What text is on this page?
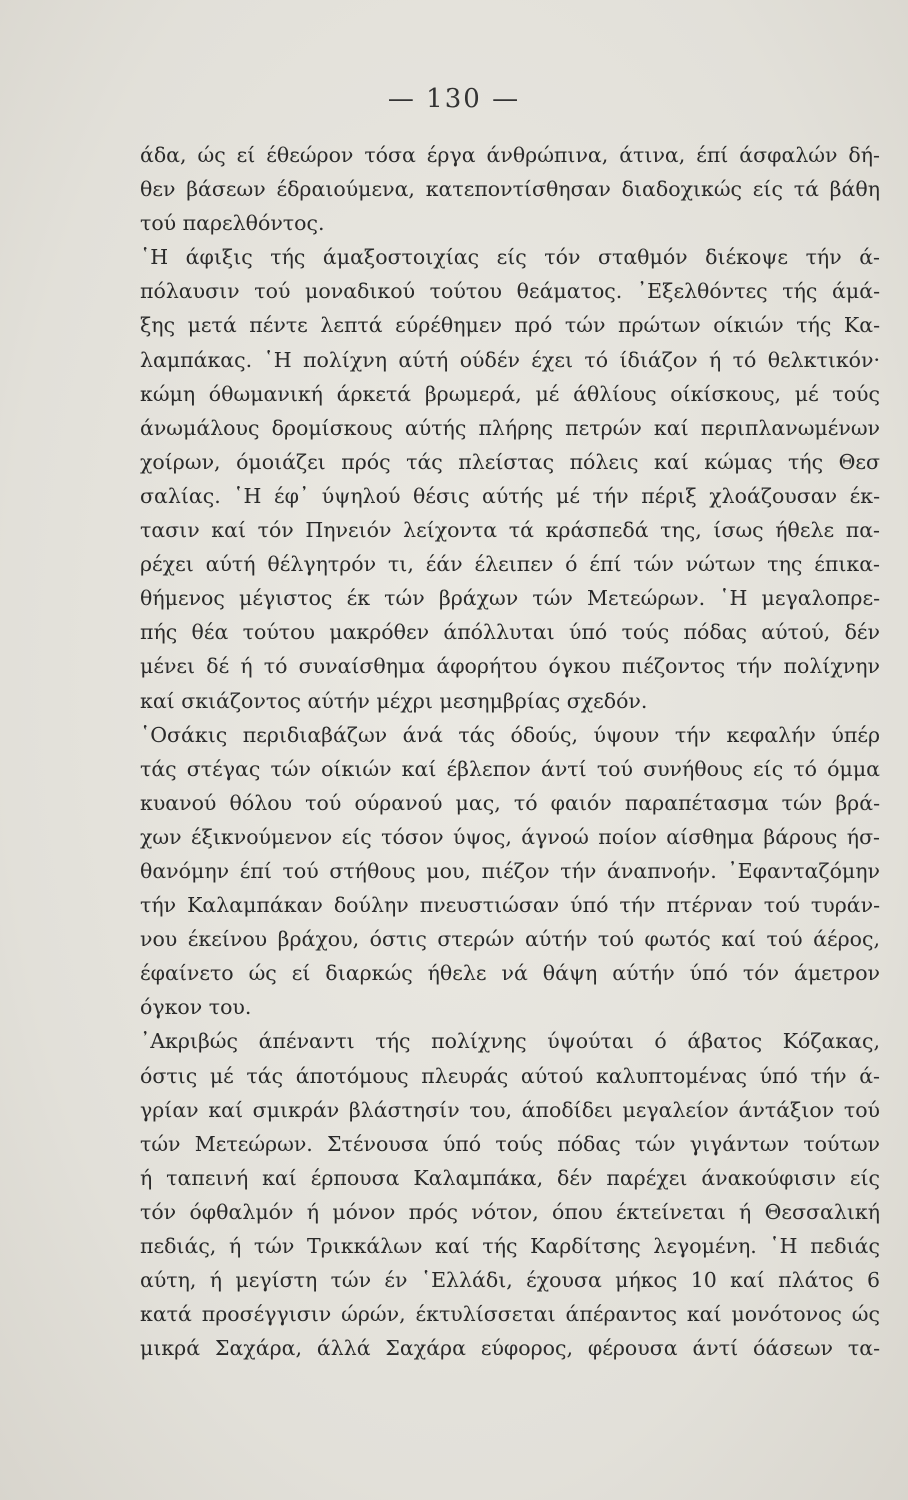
— 130 —
άδα, ώς εί έθεώρον τόσα έργα άνθρώπινα, άτινα, έπί άσφαλών δή-
θεν βάσεων έδραιούμενα, κατεποντίσθησαν διαδοχικώς είς τά βάθη
τού παρελθόντος.
῾Η άφιξις τής άμαξοστοιχίας είς τόν σταθμόν διέκοψε τήν ά-
πόλαυσιν τού μοναδικού τούτου θεάματος. ᾿Εξελθόντες τής άμά-
ξης μετά πέντε λεπτά εύρέθημεν πρό τών πρώτων οίκιών τής Κα-
λαμπάκας. ῾Η πολίχνη αύτή ούδέν έχει τό ίδιάζον ή τό θελκτικόν·
κώμη όθωμανική άρκετά βρωμερά, μέ άθλίους οίκίσκους, μέ τούς
άνωμάλους δρομίσκους αύτής πλήρης πετρών καί περιπλανωμένων
χοίρων, όμοιάζει πρός τάς πλείστας πόλεις καί κώμας τής Θεσ
σαλίας. ῾Η έφ᾿ ύψηλού θέσις αύτής μέ τήν πέριξ χλοάζουσαν έκ-
τασιν καί τόν Πηνειόν λείχοντα τά κράσπεδά της, ίσως ήθελε πα-
ρέχει αύτή θέλγητρόν τι, έάν έλειπεν ό έπί τών νώτων της έπικα-
θήμενος μέγιστος έκ τών βράχων τών Μετεώρων. ῾Η μεγαλοπρε-
πής θέα τούτου μακρόθεν άπόλλυται ύπό τούς πόδας αύτού, δέν
μένει δέ ή τό συναίσθημα άφορήτου όγκου πιέζοντος τήν πολίχνην
καί σκιάζοντος αύτήν μέχρι μεσημβρίας σχεδόν.
῾Οσάκις περιδιαβάζων άνά τάς όδούς, ύψουν τήν κεφαλήν ύπέρ
τάς στέγας τών οίκιών καί έβλεπον άντί τού συνήθους είς τό όμμα
κυανού θόλου τού ούρανού μας, τό φαιόν παραπέτασμα τών βρά-
χων έξικνούμενον είς τόσον ύψος, άγνοώ ποίον αίσθημα βάρους ήσ-
θανόμην έπί τού στήθους μου, πιέζον τήν άναπνοήν. ᾿Εφανταζόμην
τήν Καλαμπάκαν δούλην πνευστιώσαν ύπό τήν πτέρναν τού τυράν-
νου έκείνου βράχου, όστις στερών αύτήν τού φωτός καί τού άέρος,
έφαίνετο ώς εί διαρκώς ήθελε νά θάψη αύτήν ύπό τόν άμετρον
όγκον του.
᾿Ακριβώς άπέναντι τής πολίχνης ύψούται ό άβατος Κόζακας,
όστις μέ τάς άποτόμους πλευράς αύτού καλυπτομένας ύπό τήν ά-
γρίαν καί σμικράν βλάστησίν του, άποδίδει μεγαλείον άντάξιον τού
τών Μετεώρων. Στένουσα ύπό τούς πόδας τών γιγάντων τούτων
ή ταπεινή καί έρπουσα Καλαμπάκα, δέν παρέχει άνακούφισιν είς
τόν όφθαλμόν ή μόνον πρός νότον, όπου έκτείνεται ή Θεσσαλική
πεδιάς, ή τών Τρικκάλων καί τής Καρδίτσης λεγομένη. ῾Η πεδιάς
αύτη, ή μεγίστη τών έν ῾Ελλάδι, έχουσα μήκος 10 καί πλάτος 6
κατά προσέγγισιν ώρών, έκτυλίσσεται άπέραντος καί μονότονος ώς
μικρά Σαχάρα, άλλά Σαχάρα εύφορος, φέρουσα άντί όάσεων τα-
